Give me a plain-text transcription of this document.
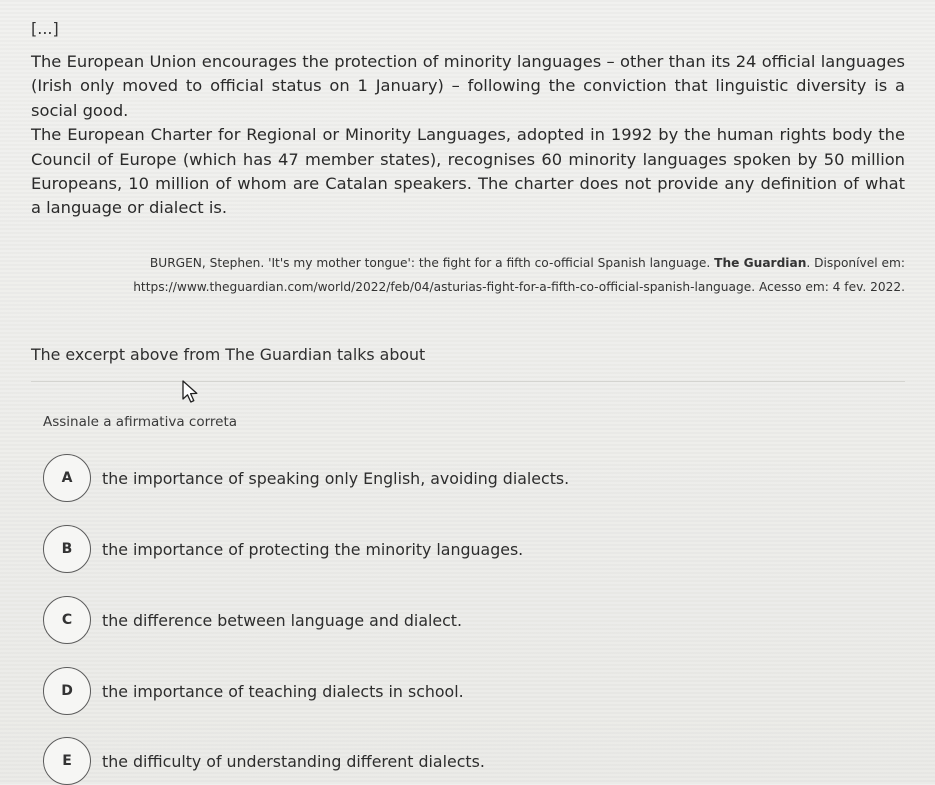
[...]

The European Union encourages the protection of minority languages – other than its 24 official languages (Irish only moved to official status on 1 January) – following the conviction that linguistic diversity is a social good.

The European Charter for Regional or Minority Languages, adopted in 1992 by the human rights body the Council of Europe (which has 47 member states), recognises 60 minority languages spoken by 50 million Europeans, 10 million of whom are Catalan speakers. The charter does not provide any definition of what a language or dialect is.

BURGEN, Stephen. 'It's my mother tongue': the fight for a fifth co-official Spanish language. The Guardian. Disponível em: https://www.theguardian.com/world/2022/feb/04/asturias-fight-for-a-fifth-co-official-spanish-language. Acesso em: 4 fev. 2022.
The excerpt above from The Guardian talks about
Assinale a afirmativa correta
A	the importance of speaking only English, avoiding dialects.
B	the importance of protecting the minority languages.
C	the difference between language and dialect.
D	the importance of teaching dialects in school.
E	the difficulty of understanding different dialects.
